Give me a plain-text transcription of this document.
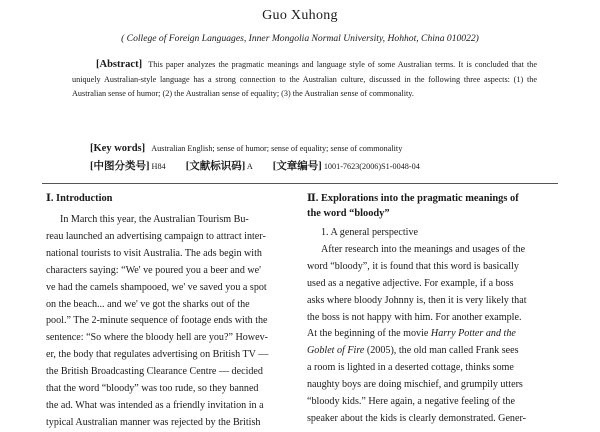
Guo Xuhong
( College of Foreign Languages, Inner Mongolia Normal University, Hohhot, China 010022)
[Abstract] This paper analyzes the pragmatic meanings and language style of some Australian terms. It is concluded that the uniquely Australian-style language has a strong connection to the Australian culture, discussed in the following three aspects: (1) the Australian sense of humor; (2) the Australian sense of equality; (3) the Australian sense of commonality.
[Key words] Australian English; sense of humor; sense of equality; sense of commonality
[中图分类号] H84 [文献标识码] A [文章编号] 1001-7623(2006)S1-0048-04

Ⅰ. Introduction

In March this year, the Australian Tourism Bu-
reau launched an advertising campaign to attract inter-
national tourists to visit Australia. The ads begin with
characters saying: “We' ve poured you a beer and we'
ve had the camels shampooed, we' ve saved you a spot
on the beach... and we' ve got the sharks out of the
pool.” The 2-minute sequence of footage ends with the
sentence: “So where the bloody hell are you?” Howev-
er, the body that regulates advertising on British TV —
the British Broadcasting Clearance Centre — decided
that the word “bloody” was too rude, so they banned
the ad. What was intended as a friendly invitation in a
typical Australian manner was rejected by the British

Ⅱ. Explorations into the pragmatic meanings of
the word “bloody”

1. A general perspective
After research into the meanings and usages of the
word “bloody”, it is found that this word is basically
used as a negative adjective. For example, if a boss
asks where bloody Johnny is, then it is very likely that
the boss is not happy with him. For another example.
At the beginning of the movie Harry Potter and the
Goblet of Fire (2005), the old man called Frank sees
a room is lighted in a deserted cottage, thinks some
naughty boys are doing mischief, and grumpily utters
“bloody kids.” Here again, a negative feeling of the
speaker about the kids is clearly demonstrated. Gener-
